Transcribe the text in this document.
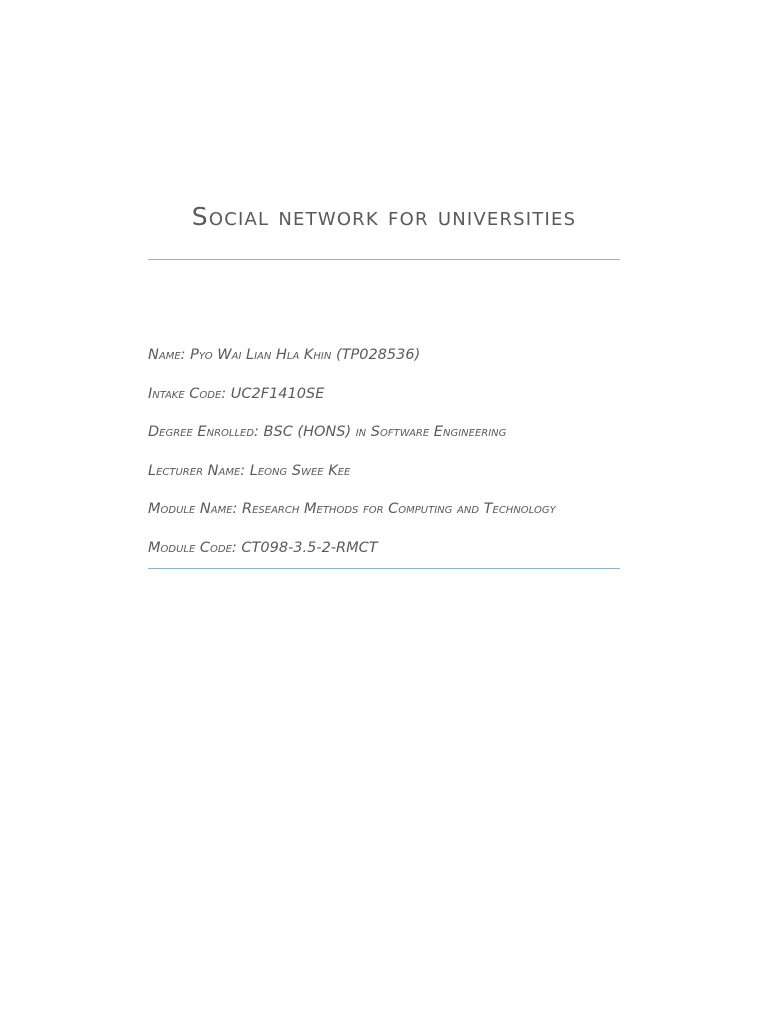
Social network for universities
Name: Pyo Wai Lian Hla Khin (TP028536)
Intake Code: UC2F1410SE
Degree Enrolled: BSC (HONS) in Software Engineering
Lecturer Name: Leong Swee Kee
Module Name: Research Methods for Computing and Technology
Module Code: CT098-3.5-2-RMCT
